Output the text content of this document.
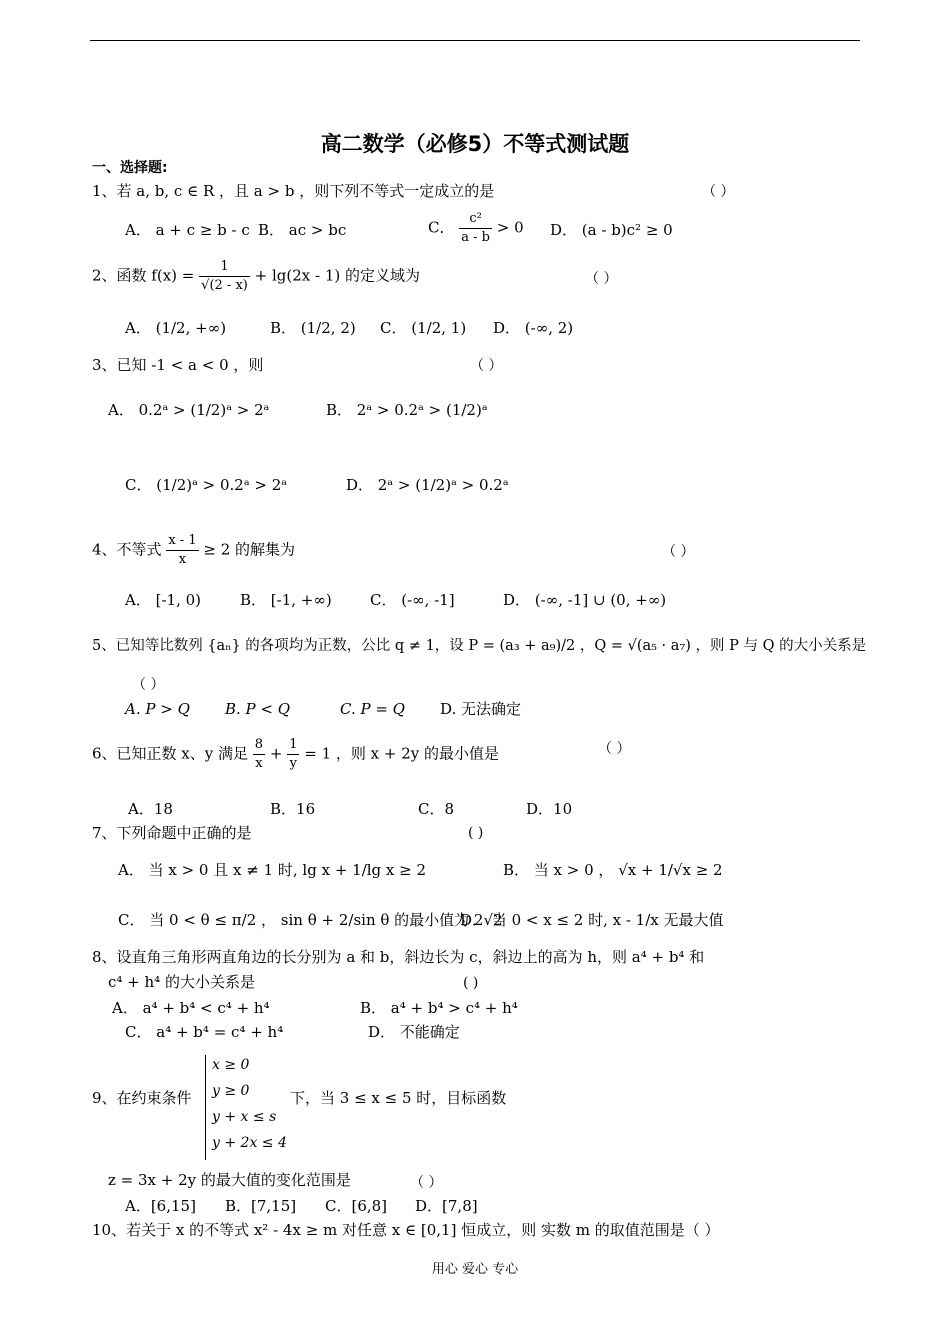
高二数学（必修5）不等式测试题
一、选择题:
1、若 a, b, c ∈ R ，且 a > b ，则下列不等式一定成立的是	（ ）
A． a + c ≥ b - c B． ac > bc	C． $\frac{\text{c²}}{a - b} > 0$ D． (a - b)c² ≥ 0
2、函数 $f(x) = \frac{1}{√(2 - x)} + \lg(2x - 1)$ 的定义域为	（ ）
A． (1/2, +∞)	B． (1/2, 2) C． (1/2, 1) D． (-∞, 2)
3、已知 -1 < a < 0 ，则	（ ）
A． 0.2ᵃ > (1/2)ᵃ > 2ᵃ	B． 2ᵃ > 0.2ᵃ > (1/2)ᵃ
C． (1/2)ᵃ > 0.2ᵃ > 2ᵃ	D． 2ᵃ > (1/2)ᵃ > 0.2ᵃ
4、不等式 $\frac{x - 1}{x} \ge 2$ 的解集为	（ ）
A． [-1, 0)	B． [-1, +∞)	C． (-∞, -1]	D． (-∞, -1] ∪ (0, +∞)
5、已知等比数列 {aₙ} 的各项均为正数，公比 q ≠ 1，设 P = (a₃ + a₉)/2 ，Q = √(a₅ · a₇) ，则 P 与 Q 的大小关系是
（ ）
A. P > Q B. P < Q	C. P = Q D. 无法确定
6、已知正数 x、y 满足 $\frac{8}{x} + \frac{1}{y} = 1$ ，则 x + 2y 的最小值是	（ ）
A．18	B．16	C．8	D．10
7、下列命题中正确的是	( )
A． 当 x > 0 且 x ≠ 1 时, lg x + 1/lg x ≥ 2	B． 当 x > 0 ， √x + 1/√x ≥ 2
C． 当 0 < θ ≤ π/2 ， sin θ + 2/sin θ 的最小值为 2√2
D． 当 0 < x ≤ 2 时, x - 1/x 无最大值
8、设直角三角形两直角边的长分别为 a 和 b，斜边长为 c，斜边上的高为 h，则 a⁴ + b⁴ 和
c⁴ + h⁴ 的大小关系是	( )
A． a⁴ + b⁴ < c⁴ + h⁴	B． a⁴ + b⁴ > c⁴ + h⁴
C． a⁴ + b⁴ = c⁴ + h⁴	D． 不能确定
9、在约束条件
x ≥ 0
y ≥ 0
y + x ≤ s
y + 2x ≤ 4
下，当 3 ≤ x ≤ 5 时，目标函数
z = 3x + 2y 的最大值的变化范围是	（ ）
A．[6,15] B．[7,15] C．[6,8] D．[7,8]
10、若关于 x 的不等式 x² - 4x ≥ m 对任意 x ∈ [0,1] 恒成立，则 实数 m 的取值范围是（ ）
用心 爱心 专心
